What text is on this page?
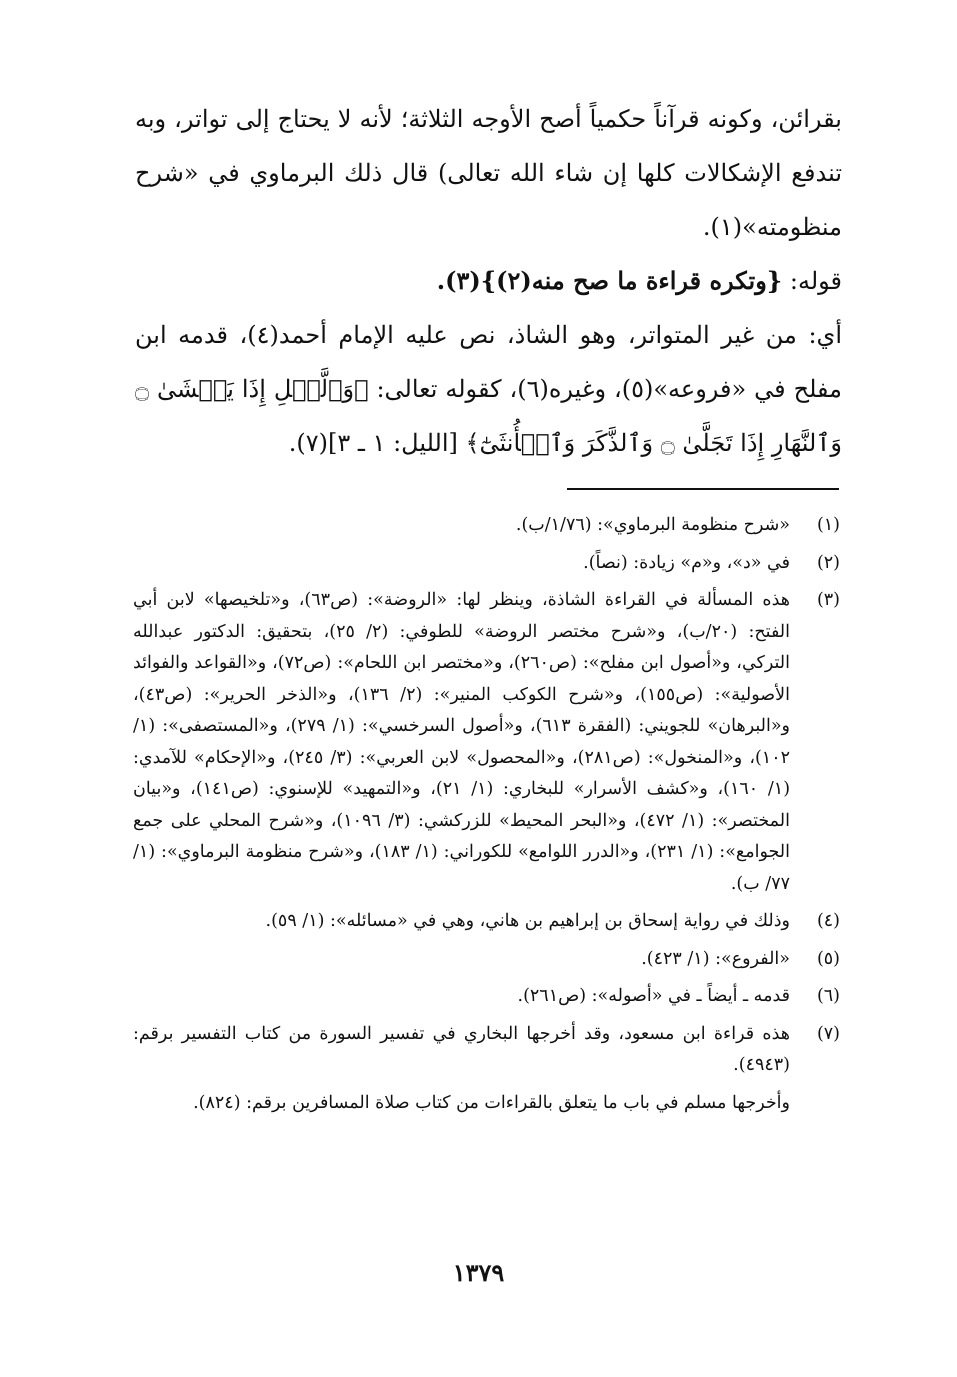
بقرائن، وكونه قرآناً حكمياً أصح الأوجه الثلاثة؛ لأنه لا يحتاج إلى تواتر، وبه تندفع الإشكالات كلها إن شاء الله تعالى) قال ذلك البرماوي في «شرح منظومته»(١).

قوله: {وتكره قراءة ما صح منه(٢)}(٣).

أي: من غير المتواتر، وهو الشاذ، نص عليه الإمام أحمد(٤)، قدمه ابن مفلح في «فروعه»(٥)، وغيره(٦)، كقوله تعالى: ﴿وَٱلَّيۡلِ إِذَا يَغۡشَىٰ ۝ وَٱلنَّهَارِ إِذَا تَجَلَّىٰ ۝ وَٱلذَّكَرَ وَٱلۡأُنثَىٰٓ﴾ [الليل: ١ ـ ٣](٧).

(١)
«شرح منظومة البرماوي»: (١/٧٦/ب).
(٢)
في «د»، و«م» زيادة: (نصاً).
(٣)
هذه المسألة في القراءة الشاذة، وينظر لها: «الروضة»: (ص٦٣)، و«تلخيصها» لابن أبي الفتح: (٢٠/ب)، و«شرح مختصر الروضة» للطوفي: (٢/ ٢٥)، بتحقيق: الدكتور عبدالله التركي، و«أصول ابن مفلح»: (ص٢٦٠)، و«مختصر ابن اللحام»: (ص٧٢)، و«القواعد والفوائد الأصولية»: (ص١٥٥)، و«شرح الكوكب المنير»: (٢/ ١٣٦)، و«الذخر الحرير»: (ص٤٣)، و«البرهان» للجويني: (الفقرة ٦١٣)، و«أصول السرخسي»: (١/ ٢٧٩)، و«المستصفى»: (١/ ١٠٢)، و«المنخول»: (ص٢٨١)، و«المحصول» لابن العربي»: (٣/ ٢٤٥)، و«الإحكام» للآمدي: (١/ ١٦٠)، و«كشف الأسرار» للبخاري: (١/ ٢١)، و«التمهيد» للإسنوي: (ص١٤١)، و«بيان المختصر»: (١/ ٤٧٢)، و«البحر المحيط» للزركشي: (٣/ ١٠٩٦)، و«شرح المحلي على جمع الجوامع»: (١/ ٢٣١)، و«الدرر اللوامع» للكوراني: (١/ ١٨٣)، و«شرح منظومة البرماوي»: (١/ ٧٧/ ب).
(٤)
وذلك في رواية إسحاق بن إبراهيم بن هاني، وهي في «مسائله»: (١/ ٥٩).
(٥)
«الفروع»: (١/ ٤٢٣).
(٦)
قدمه ـ أيضاً ـ في «أصوله»: (ص٢٦١).
(٧)
هذه قراءة ابن مسعود، وقد أخرجها البخاري في تفسير السورة من كتاب التفسير برقم: (٤٩٤٣).
وأخرجها مسلم في باب ما يتعلق بالقراءات من كتاب صلاة المسافرين برقم: (٨٢٤).
١٣٧٩
